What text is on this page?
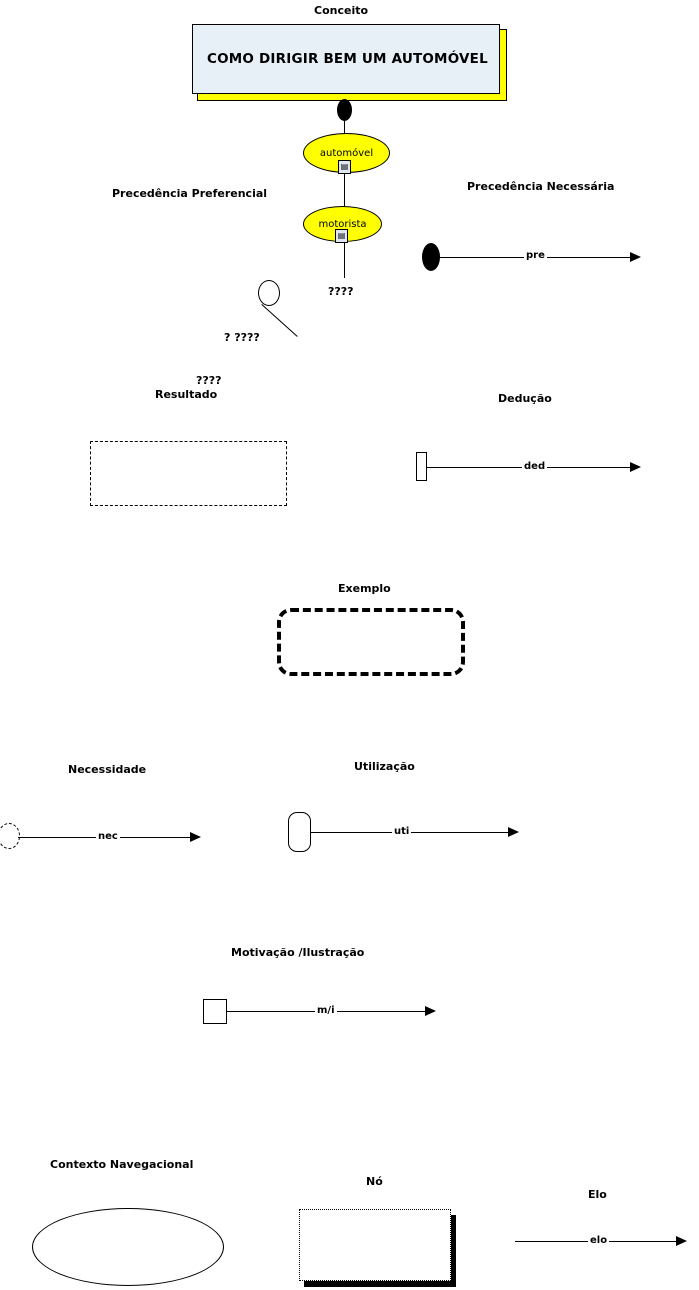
Conceito
COMO DIRIGIR BEM UM AUTOMÓVEL
automóvel
▤
motorista
▤
????
Precedência Preferencial
? ????
????
Precedência Necessária
pre
Resultado	Dedução
ded
Exemplo
Necessidade
nec
Utilização
uti
Motivação /Ilustração
m/i
Contexto Navegacional
Nó
Elo
elo
